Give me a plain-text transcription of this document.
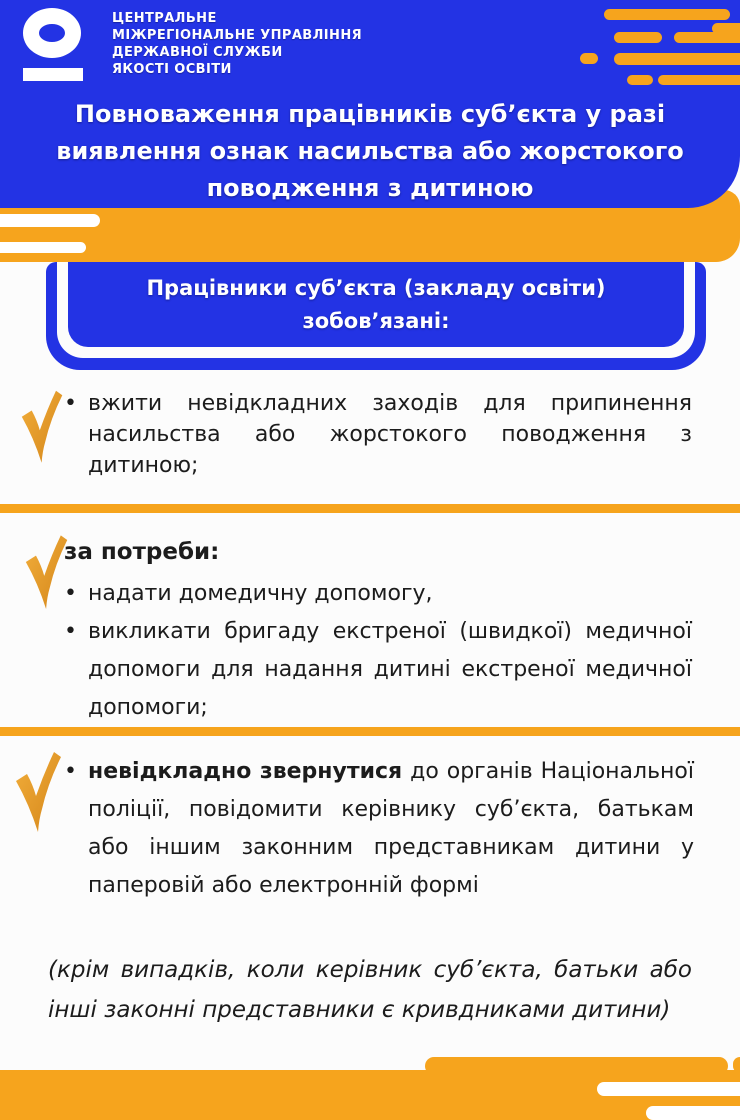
ЦЕНТРАЛЬНЕ
МІЖРЕГІОНАЛЬНЕ УПРАВЛІННЯ
ДЕРЖАВНОЇ СЛУЖБИ
ЯКОСТІ ОСВІТИ
Повноваження працівників суб’єкта у разі
виявлення ознак насильства або жорстокого
поводження з дитиною
Працівники суб’єкта (закладу освіти)
зобов’язані:
• вжити невідкладних заходів для припинення насильства або жорстокого поводження з дитиною;
за потреби:
• надати домедичну допомогу,
• викликати бригаду екстреної (швидкої) медичної допомоги для надання дитині екстреної медичної допомоги;
• невідкладно звернутися до органів Національної поліції, повідомити керівнику суб’єкта, батькам або іншим законним представникам дитини у паперовій або електронній формі
(крім випадків, коли керівник суб’єкта, батьки або інші законні представники є кривдниками дитини)
